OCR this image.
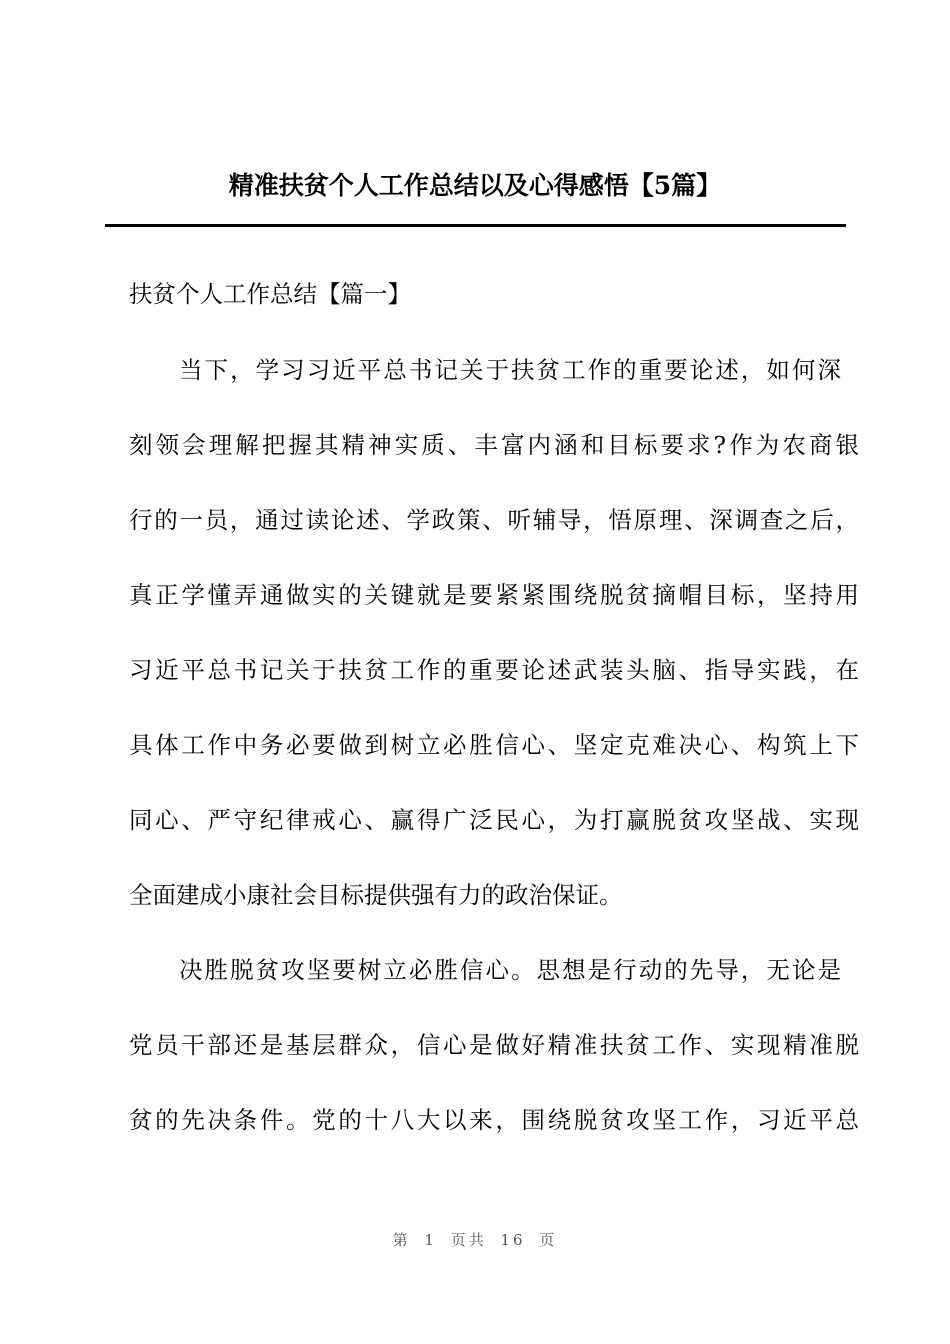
精准扶贫个人工作总结以及心得感悟【5篇】
扶贫个人工作总结【篇一】
当下，学习习近平总书记关于扶贫工作的重要论述，如何深
刻领会理解把握其精神实质、丰富内涵和目标要求?作为农商银
行的一员，通过读论述、学政策、听辅导，悟原理、深调查之后，
真正学懂弄通做实的关键就是要紧紧围绕脱贫摘帽目标，坚持用
习近平总书记关于扶贫工作的重要论述武装头脑、指导实践，在
具体工作中务必要做到树立必胜信心、坚定克难决心、构筑上下
同心、严守纪律戒心、赢得广泛民心，为打赢脱贫攻坚战、实现
全面建成小康社会目标提供强有力的政治保证。
决胜脱贫攻坚要树立必胜信心。思想是行动的先导，无论是
党员干部还是基层群众，信心是做好精准扶贫工作、实现精准脱
贫的先决条件。党的十八大以来，围绕脱贫攻坚工作，习近平总
第 1 页共 16 页
